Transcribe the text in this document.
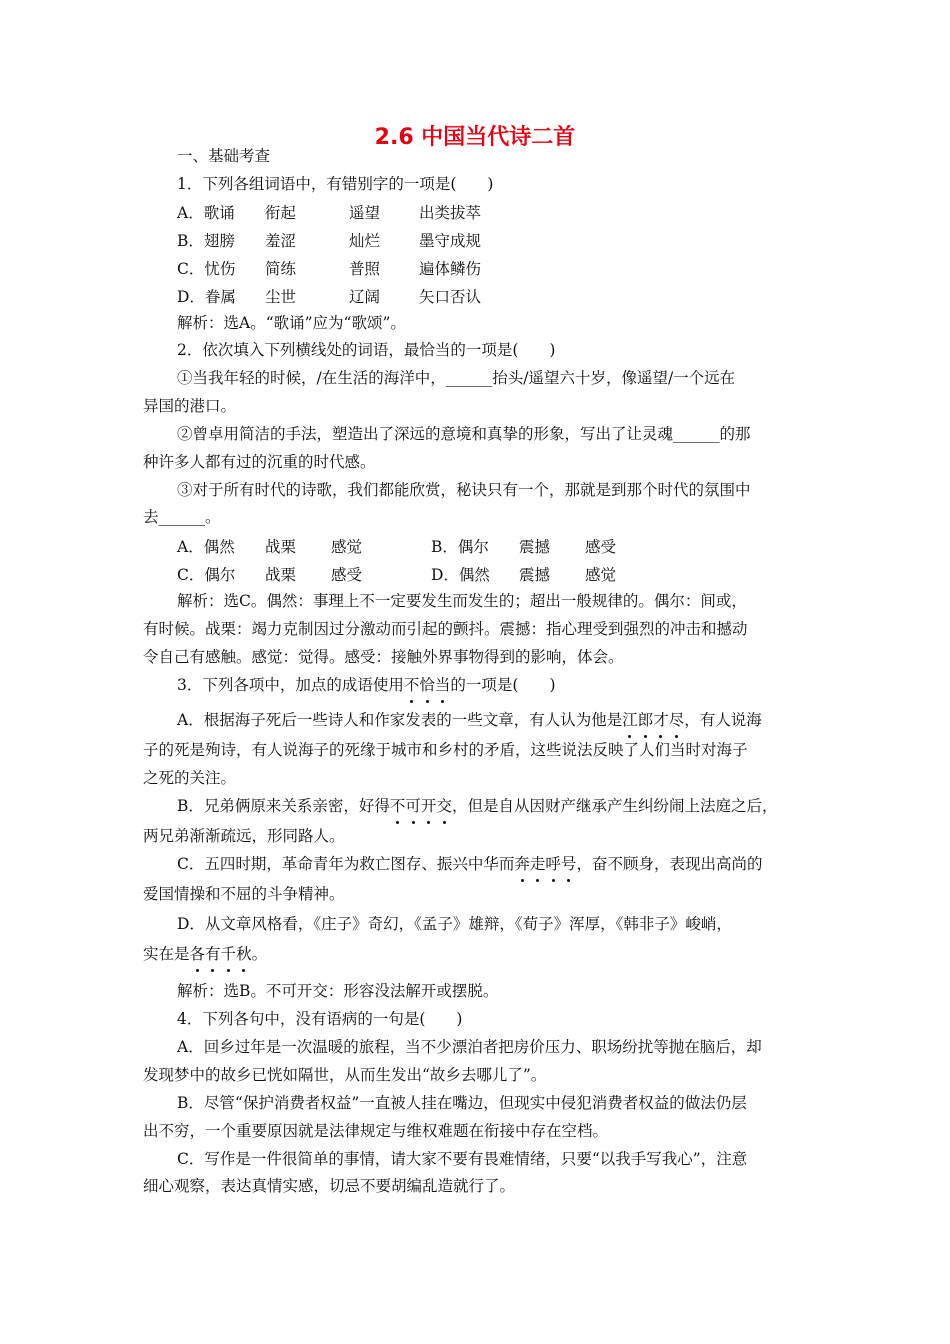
2.6 中国当代诗二首
一、基础考查
1．下列各组词语中，有错别字的一项是(　　)
A．歌诵 衔起	遥望	出类拔萃
B．翅膀 羞涩	灿烂	墨守成规
C．忧伤 简练	普照	遍体鳞伤
D．眷属 尘世	辽阔	矢口否认
解析：选A。“歌诵”应为“歌颂”。
2．依次填入下列横线处的词语，最恰当的一项是(　　)
①当我年轻的时候，/在生活的海洋中，______抬头/遥望六十岁，像遥望/一个远在
异国的港口。
②曾卓用简洁的手法，塑造出了深远的意境和真挚的形象，写出了让灵魂______的那
种许多人都有过的沉重的时代感。
③对于所有时代的诗歌，我们都能欣赏，秘诀只有一个，那就是到那个时代的氛围中
去______。
A．偶然 战栗 感觉	B．偶尔 震撼 感受
C．偶尔 战栗 感受	D．偶然 震撼 感觉
解析：选C。偶然：事理上不一定要发生而发生的；超出一般规律的。偶尔：间或，
有时候。战栗：竭力克制因过分激动而引起的颤抖。震撼：指心理受到强烈的冲击和撼动
令自己有感触。感觉：觉得。感受：接触外界事物得到的影响，体会。
3．下列各项中，加点的成语使用不恰当的一项是(　　)
A．根据海子死后一些诗人和作家发表的一些文章，有人认为他是江郎才尽，有人说海
子的死是殉诗，有人说海子的死缘于城市和乡村的矛盾，这些说法反映了人们当时对海子
之死的关注。
B．兄弟俩原来关系亲密，好得不可开交，但是自从因财产继承产生纠纷闹上法庭之后，
两兄弟渐渐疏远，形同路人。
C．五四时期，革命青年为救亡图存、振兴中华而奔走呼号，奋不顾身，表现出高尚的
爱国情操和不屈的斗争精神。
D．从文章风格看，《庄子》奇幻，《孟子》雄辩，《荀子》浑厚，《韩非子》峻峭，
实在是各有千秋。
解析：选B。不可开交：形容没法解开或摆脱。
4．下列各句中，没有语病的一句是(　　)
A．回乡过年是一次温暖的旅程，当不少漂泊者把房价压力、职场纷扰等抛在脑后，却
发现梦中的故乡已恍如隔世，从而生发出“故乡去哪儿了”。
B．尽管“保护消费者权益”一直被人挂在嘴边，但现实中侵犯消费者权益的做法仍层
出不穷，一个重要原因就是法律规定与维权难题在衔接中存在空档。
C．写作是一件很简单的事情，请大家不要有畏难情绪，只要“以我手写我心”，注意
细心观察，表达真情实感，切忌不要胡编乱造就行了。
